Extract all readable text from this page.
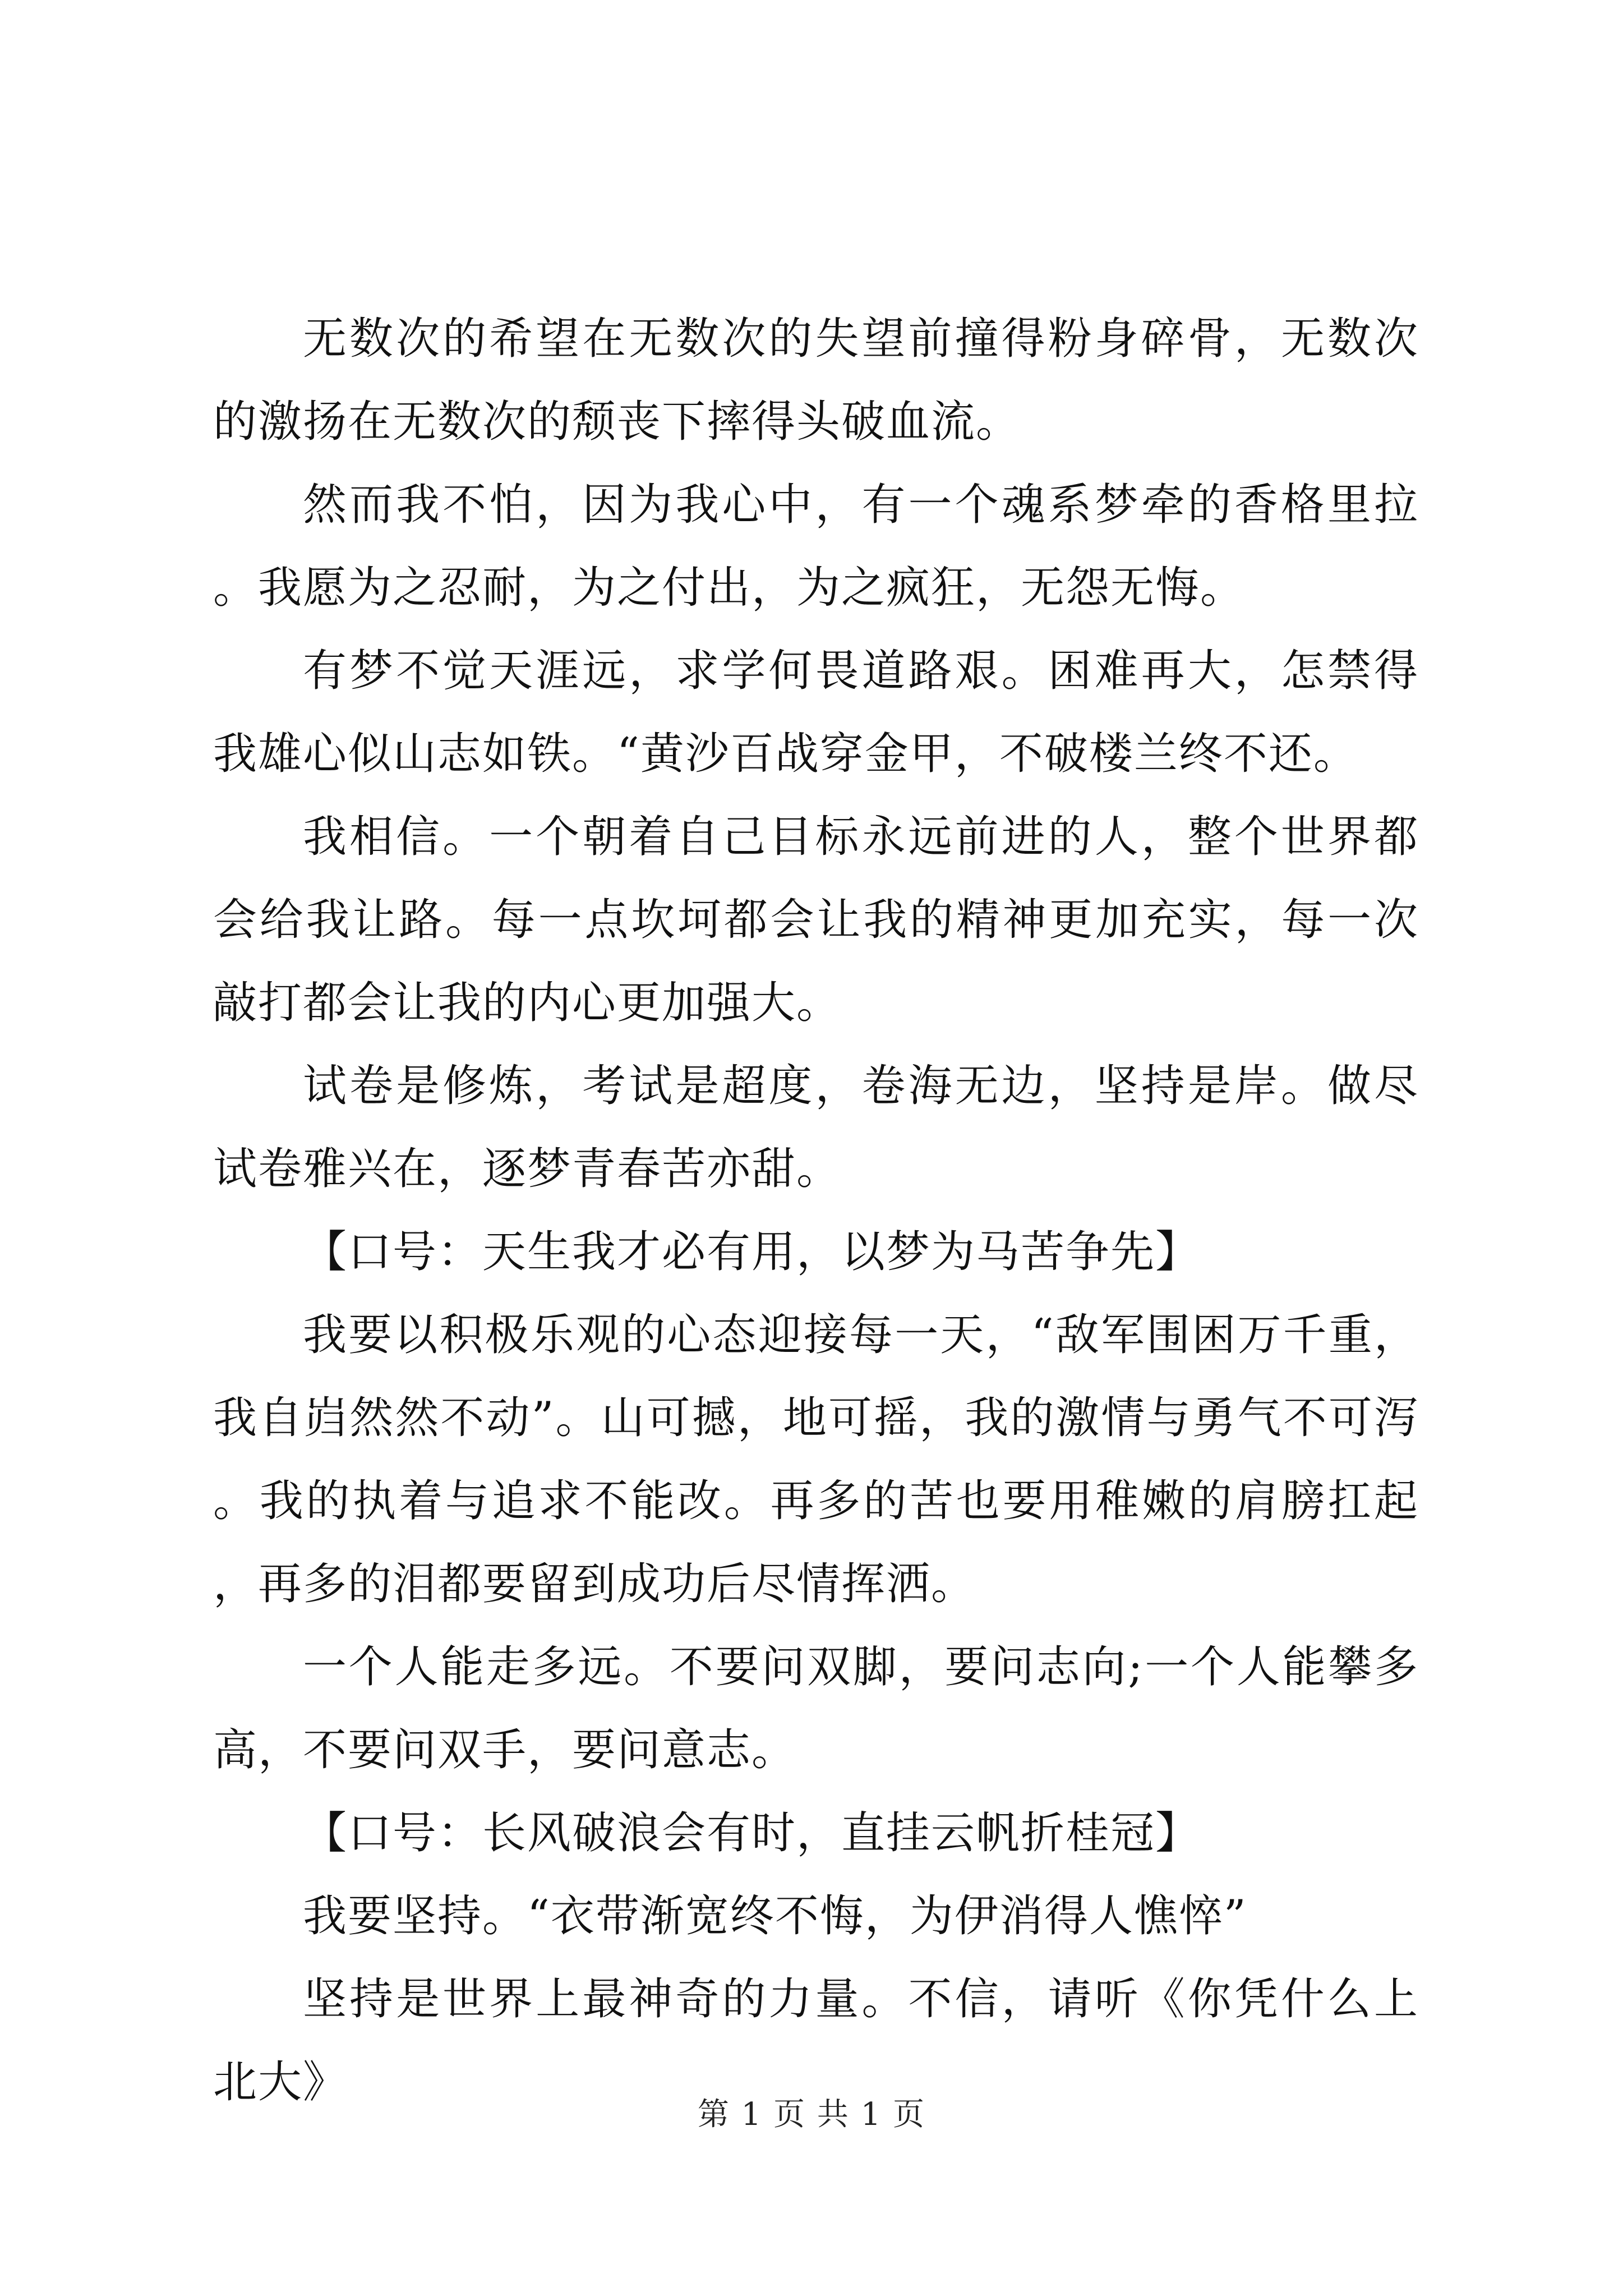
无数次的希望在无数次的失望前撞得粉身碎骨，无数次的激扬在无数次的颓丧下摔得头破血流。

然而我不怕，因为我心中，有一个魂系梦牵的香格里拉。我愿为之忍耐，为之付出，为之疯狂，无怨无悔。

有梦不觉天涯远，求学何畏道路艰。困难再大，怎禁得我雄心似山志如铁。“黄沙百战穿金甲，不破楼兰终不还。

我相信。一个朝着自己目标永远前进的人，整个世界都会给我让路。每一点坎坷都会让我的精神更加充实，每一次敲打都会让我的内心更加强大。

试卷是修炼，考试是超度，卷海无边，坚持是岸。做尽试卷雅兴在，逐梦青春苦亦甜。

【口号：天生我才必有用，以梦为马苦争先】

我要以积极乐观的心态迎接每一天，“敌军围困万千重，我自岿然然不动”。山可撼，地可摇，我的激情与勇气不可泻。我的执着与追求不能改。再多的苦也要用稚嫩的肩膀扛起，再多的泪都要留到成功后尽情挥洒。

一个人能走多远。不要问双脚，要问志向;一个人能攀多高，不要问双手，要问意志。

【口号：长风破浪会有时，直挂云帆折桂冠】

我要坚持。“衣带渐宽终不悔，为伊消得人憔悴”

坚持是世界上最神奇的力量。不信，请听《你凭什么上北大》

第 1 页 共 1 页
